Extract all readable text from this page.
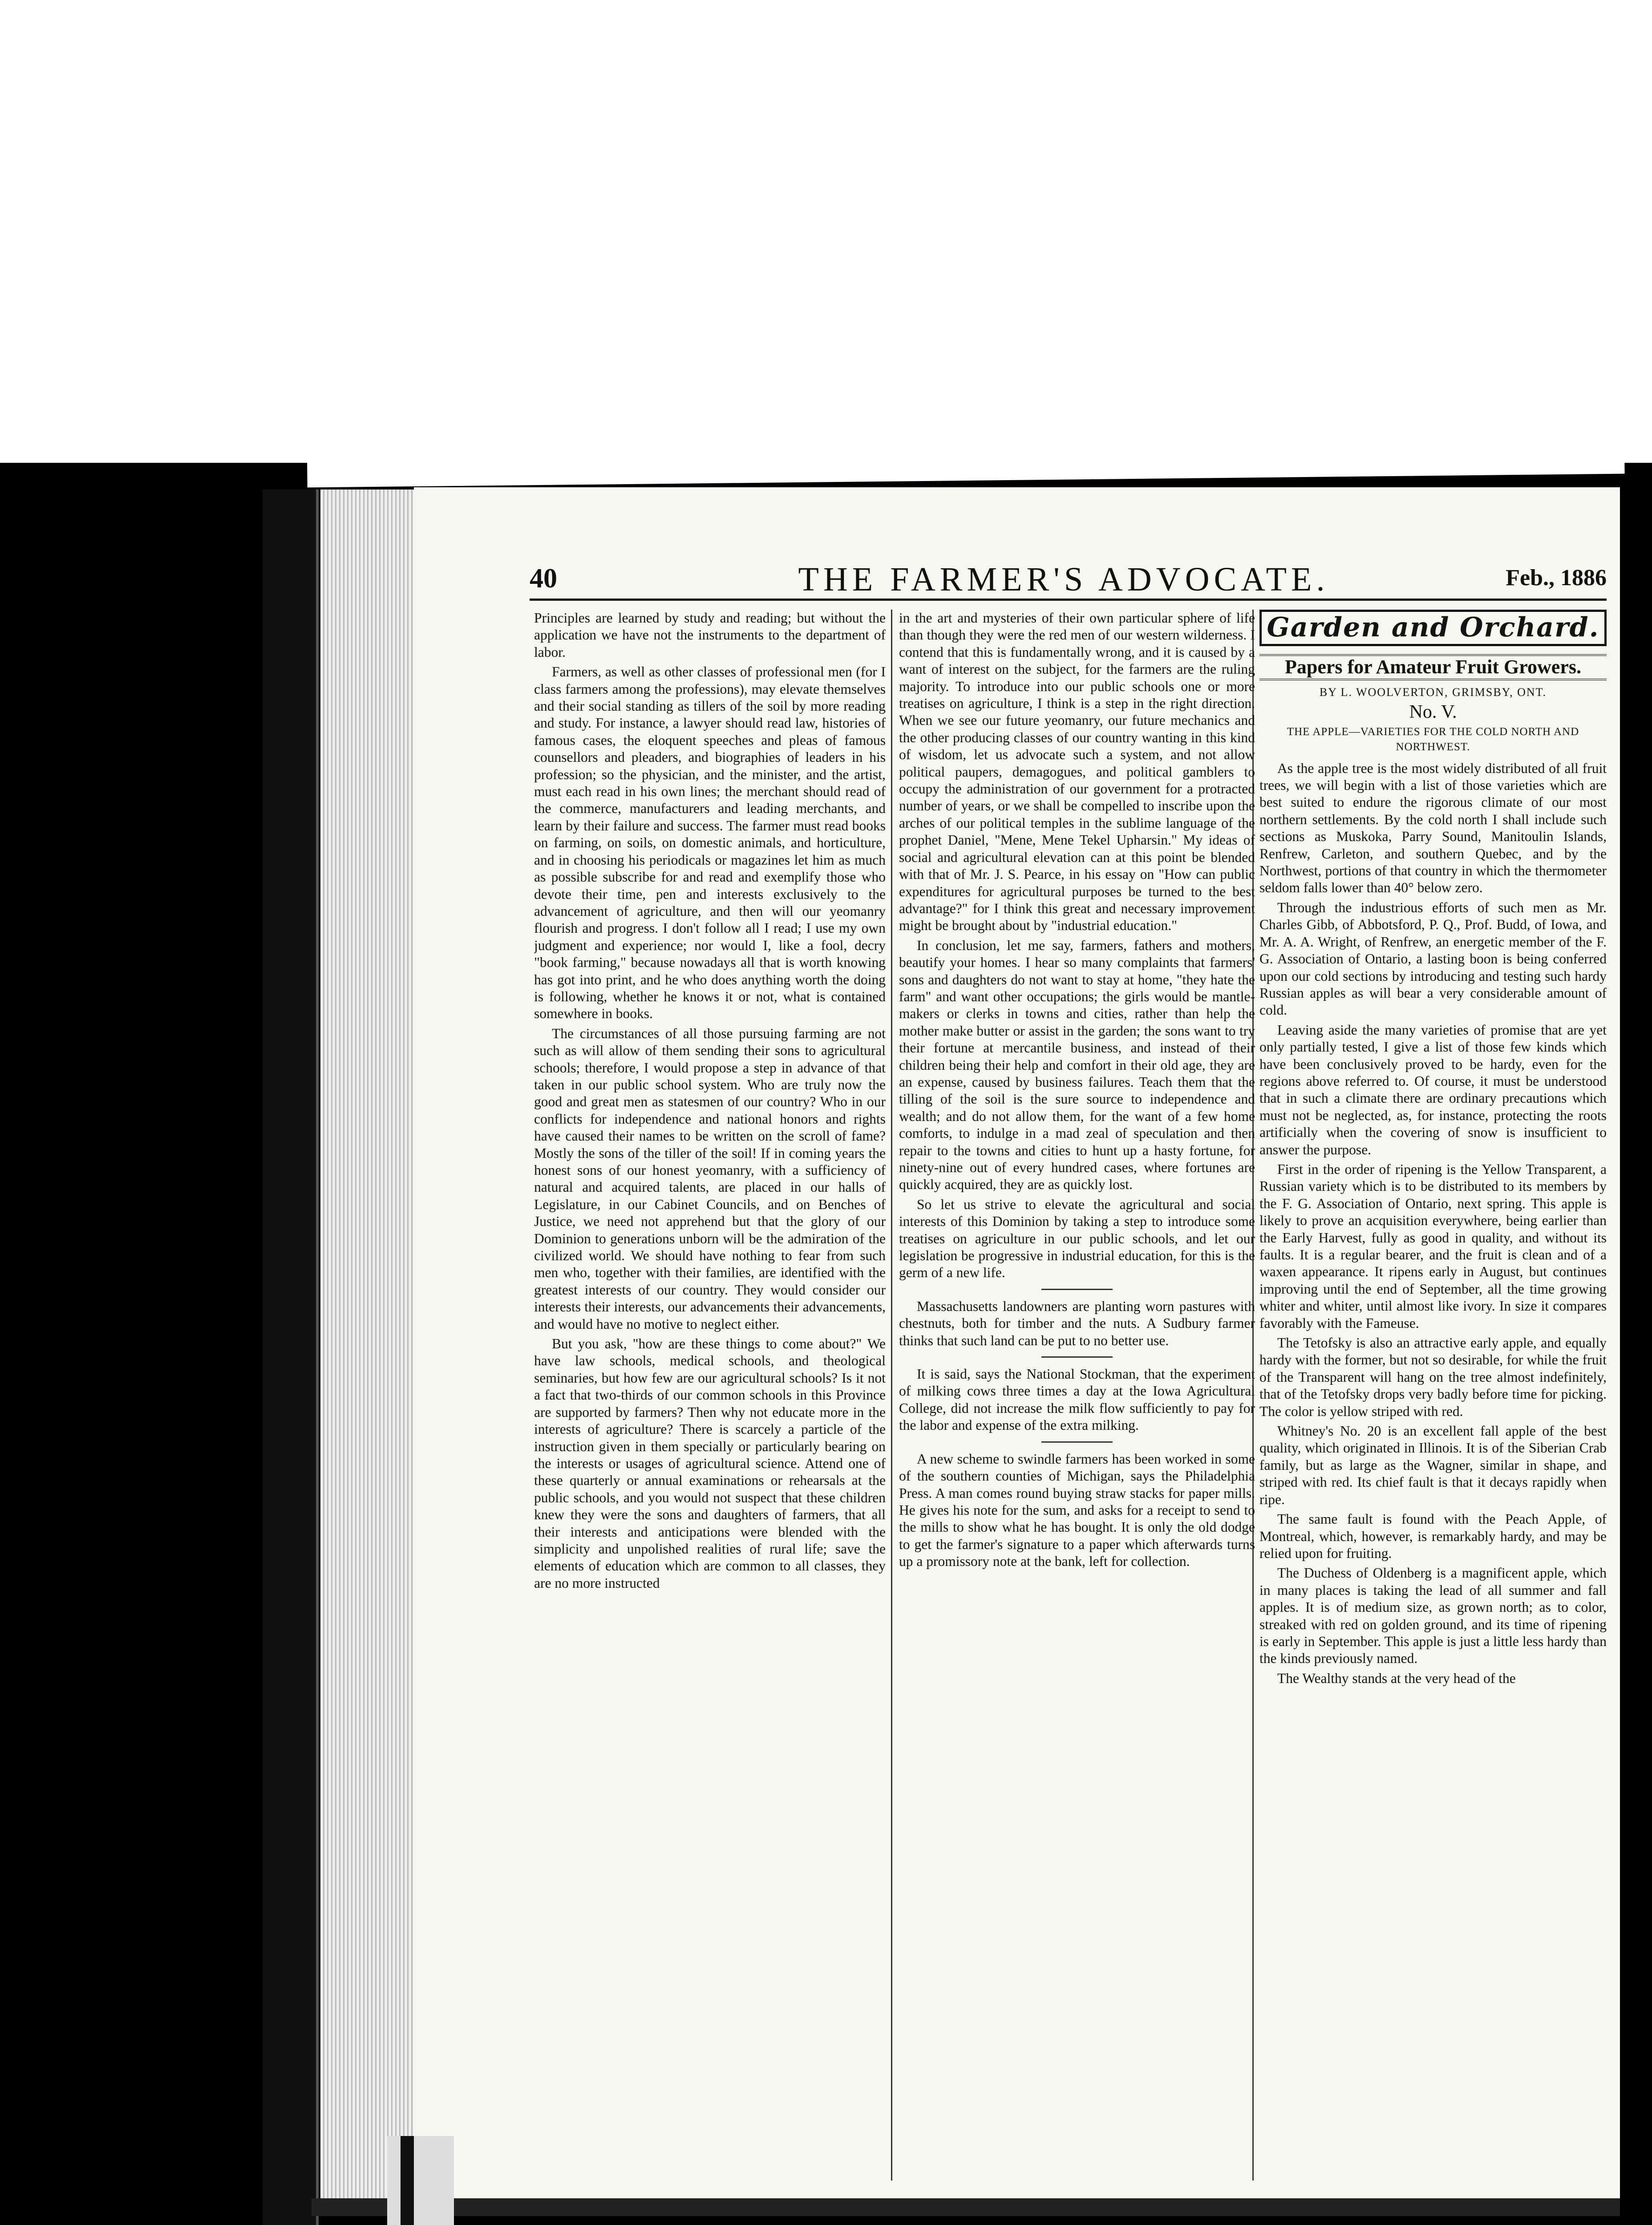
40	THE FARMER'S ADVOCATE.	Feb., 1886

Principles are learned by study and reading; but without the application we have not the instruments to the department of labor.

Farmers, as well as other classes of professional men (for I class farmers among the professions), may elevate themselves and their social standing as tillers of the soil by more reading and study. For instance, a lawyer should read law, histories of famous cases, the eloquent speeches and pleas of famous counsellors and pleaders, and biographies of leaders in his profession; so the physician, and the minister, and the artist, must each read in his own lines; the merchant should read of the commerce, manufacturers and leading merchants, and learn by their failure and success. The farmer must read books on farming, on soils, on domestic animals, and horticulture, and in choosing his periodicals or magazines let him as much as possible subscribe for and read and exemplify those who devote their time, pen and interests exclusively to the advancement of agriculture, and then will our yeomanry flourish and progress. I don't follow all I read; I use my own judgment and experience; nor would I, like a fool, decry "book farming," because nowadays all that is worth knowing has got into print, and he who does anything worth the doing is following, whether he knows it or not, what is contained somewhere in books.

The circumstances of all those pursuing farming are not such as will allow of them sending their sons to agricultural schools; therefore, I would propose a step in advance of that taken in our public school system. Who are truly now the good and great men as statesmen of our country? Who in our conflicts for independence and national honors and rights have caused their names to be written on the scroll of fame? Mostly the sons of the tiller of the soil! If in coming years the honest sons of our honest yeomanry, with a sufficiency of natural and acquired talents, are placed in our halls of Legislature, in our Cabinet Councils, and on Benches of Justice, we need not apprehend but that the glory of our Dominion to generations unborn will be the admiration of the civilized world. We should have nothing to fear from such men who, together with their families, are identified with the greatest interests of our country. They would consider our interests their interests, our advancements their advancements, and would have no motive to neglect either.

But you ask, "how are these things to come about?" We have law schools, medical schools, and theological seminaries, but how few are our agricultural schools? Is it not a fact that two-thirds of our common schools in this Province are supported by farmers? Then why not educate more in the interests of agriculture? There is scarcely a particle of the instruction given in them specially or particularly bearing on the interests or usages of agricultural science. Attend one of these quarterly or annual examinations or rehearsals at the public schools, and you would not suspect that these children knew they were the sons and daughters of farmers, that all their interests and anticipations were blended with the simplicity and unpolished realities of rural life; save the elements of education which are common to all classes, they are no more instructed

in the art and mysteries of their own particular sphere of life than though they were the red men of our western wilderness. I contend that this is fundamentally wrong, and it is caused by a want of interest on the subject, for the farmers are the ruling majority. To introduce into our public schools one or more treatises on agriculture, I think is a step in the right direction. When we see our future yeomanry, our future mechanics and the other producing classes of our country wanting in this kind of wisdom, let us advocate such a system, and not allow political paupers, demagogues, and political gamblers to occupy the administration of our government for a protracted number of years, or we shall be compelled to inscribe upon the arches of our political temples in the sublime language of the prophet Daniel, "Mene, Mene Tekel Upharsin." My ideas of social and agricultural elevation can at this point be blended with that of Mr. J. S. Pearce, in his essay on "How can public expenditures for agricultural purposes be turned to the best advantage?" for I think this great and necessary improvement might be brought about by "industrial education."

In conclusion, let me say, farmers, fathers and mothers, beautify your homes. I hear so many complaints that farmers' sons and daughters do not want to stay at home, "they hate the farm" and want other occupations; the girls would be mantle-makers or clerks in towns and cities, rather than help the mother make butter or assist in the garden; the sons want to try their fortune at mercantile business, and instead of their children being their help and comfort in their old age, they are an expense, caused by business failures. Teach them that the tilling of the soil is the sure source to independence and wealth; and do not allow them, for the want of a few home comforts, to indulge in a mad zeal of speculation and then repair to the towns and cities to hunt up a hasty fortune, for ninety-nine out of every hundred cases, where fortunes are quickly acquired, they are as quickly lost.

So let us strive to elevate the agricultural and social interests of this Dominion by taking a step to introduce some treatises on agriculture in our public schools, and let our legislation be progressive in industrial education, for this is the germ of a new life.

Massachusetts landowners are planting worn pastures with chestnuts, both for timber and the nuts. A Sudbury farmer thinks that such land can be put to no better use.

It is said, says the National Stockman, that the experiment of milking cows three times a day at the Iowa Agricultural College, did not increase the milk flow sufficiently to pay for the labor and expense of the extra milking.

A new scheme to swindle farmers has been worked in some of the southern counties of Michigan, says the Philadelphia Press. A man comes round buying straw stacks for paper mills. He gives his note for the sum, and asks for a receipt to send to the mills to show what he has bought. It is only the old dodge to get the farmer's signature to a paper which afterwards turns up a promissory note at the bank, left for collection.

Garden and Orchard.
Papers for Amateur Fruit Growers.
BY L. WOOLVERTON, GRIMSBY, ONT.
No. V.
THE APPLE—VARIETIES FOR THE COLD NORTH AND NORTHWEST.

As the apple tree is the most widely distributed of all fruit trees, we will begin with a list of those varieties which are best suited to endure the rigorous climate of our most northern settlements. By the cold north I shall include such sections as Muskoka, Parry Sound, Manitoulin Islands, Renfrew, Carleton, and southern Quebec, and by the Northwest, portions of that country in which the thermometer seldom falls lower than 40° below zero.

Through the industrious efforts of such men as Mr. Charles Gibb, of Abbotsford, P. Q., Prof. Budd, of Iowa, and Mr. A. A. Wright, of Renfrew, an energetic member of the F. G. Association of Ontario, a lasting boon is being conferred upon our cold sections by introducing and testing such hardy Russian apples as will bear a very considerable amount of cold.

Leaving aside the many varieties of promise that are yet only partially tested, I give a list of those few kinds which have been conclusively proved to be hardy, even for the regions above referred to. Of course, it must be understood that in such a climate there are ordinary precautions which must not be neglected, as, for instance, protecting the roots artificially when the covering of snow is insufficient to answer the purpose.

First in the order of ripening is the Yellow Transparent, a Russian variety which is to be distributed to its members by the F. G. Association of Ontario, next spring. This apple is likely to prove an acquisition everywhere, being earlier than the Early Harvest, fully as good in quality, and without its faults. It is a regular bearer, and the fruit is clean and of a waxen appearance. It ripens early in August, but continues improving until the end of September, all the time growing whiter and whiter, until almost like ivory. In size it compares favorably with the Fameuse.

The Tetofsky is also an attractive early apple, and equally hardy with the former, but not so desirable, for while the fruit of the Transparent will hang on the tree almost indefinitely, that of the Tetofsky drops very badly before time for picking. The color is yellow striped with red.

Whitney's No. 20 is an excellent fall apple of the best quality, which originated in Illinois. It is of the Siberian Crab family, but as large as the Wagner, similar in shape, and striped with red. Its chief fault is that it decays rapidly when ripe.

The same fault is found with the Peach Apple, of Montreal, which, however, is remarkably hardy, and may be relied upon for fruiting.

The Duchess of Oldenberg is a magnificent apple, which in many places is taking the lead of all summer and fall apples. It is of medium size, as grown north; as to color, streaked with red on golden ground, and its time of ripening is early in September. This apple is just a little less hardy than the kinds previously named.

The Wealthy stands at the very head of the
